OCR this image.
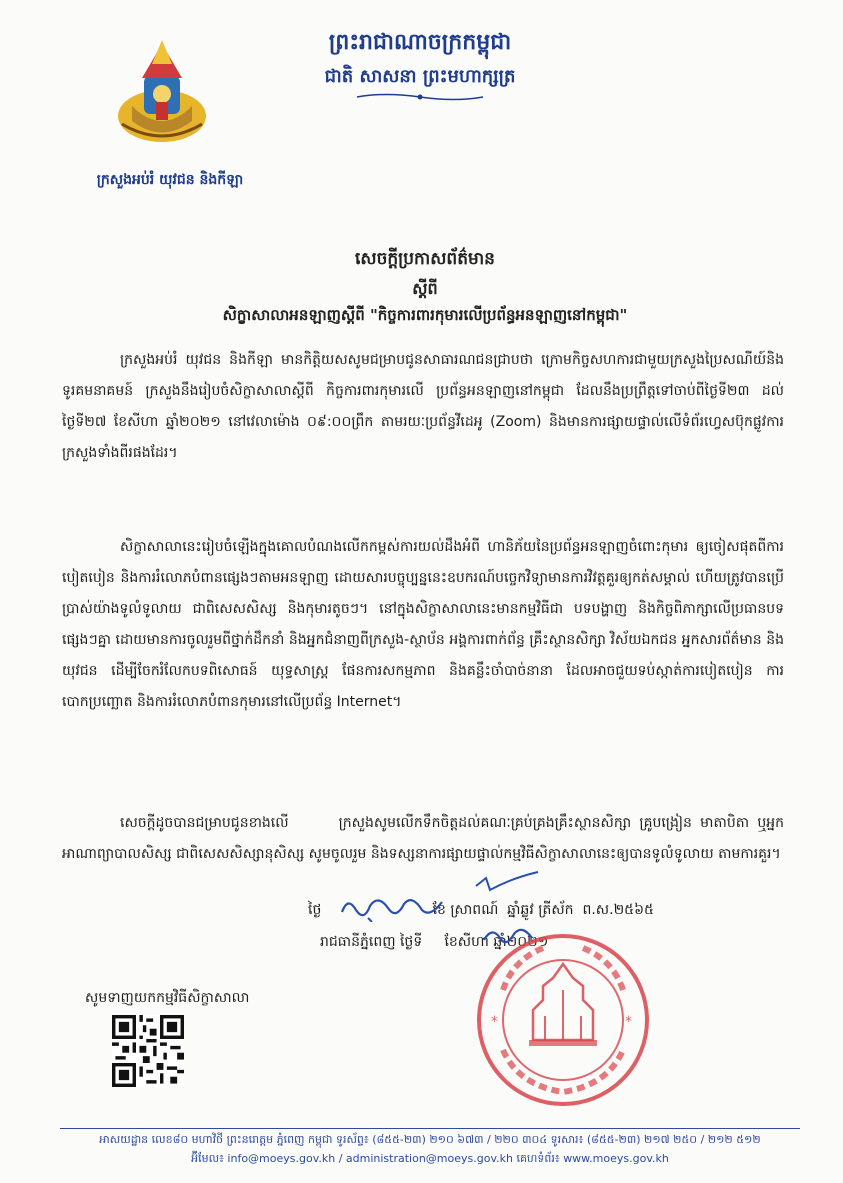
ព្រះរាជាណាចក្រកម្ពុជា
ជាតិ សាសនា ព្រះមហាក្សត្រ
ក្រសួងអប់រំ យុវជន និងកីឡា
សេចក្តីប្រកាសព័ត៌មាន
ស្តីពី
សិក្ខាសាលាអនឡាញស្តីពី "កិច្ចការពារកុមារលើប្រព័ន្ធអនឡាញនៅកម្ពុជា"

ក្រសួងអប់រំ យុវជន និងកីឡា មានកិត្តិយសសូមជម្រាបជូនសាធារណជនជ្រាបថា ក្រោមកិច្ចសហការជាមួយក្រសួងប្រៃសណីយ៍និងទូរគមនាគមន៍ ក្រសួងនឹងរៀបចំសិក្ខាសាលាស្តីពី កិច្ចការពារកុមារលើ ប្រព័ន្ធអនឡាញនៅកម្ពុជា ដែលនឹងប្រព្រឹត្តទៅចាប់ពីថ្ងៃទី២៣ ដល់ថ្ងៃទី២៧ ខែសីហា ឆ្នាំ២០២១ នៅវេលាម៉ោង ០៩:០០ព្រឹក តាមរយៈប្រព័ន្ធវីដេអូ (Zoom) និងមានការផ្សាយផ្ទាល់លើទំព័រហ្វេសប៊ុកផ្លូវការក្រសួងទាំងពីរផងដែរ។

សិក្ខាសាលានេះរៀបចំឡើងក្នុងគោលបំណងលើកកម្ពស់ការយល់ដឹងអំពី ហានិភ័យនៃប្រព័ន្ធអនឡាញចំពោះកុមារ ឲ្យចៀសផុតពីការបៀតបៀន និងការរំលោភបំពានផ្សេងៗតាមអនឡាញ ដោយសារបច្ចុប្បន្ននេះឧបករណ៍បច្ចេកវិទ្យាមានការវិវត្តគួរឲ្យកត់សម្គាល់ ហើយត្រូវបានប្រើប្រាស់យ៉ាងទូលំទូលាយ ជាពិសេសសិស្ស និងកុមារតូចៗ។ នៅក្នុងសិក្ខាសាលានេះមានកម្មវិធីជា បទបង្ហាញ និងកិច្ចពិភាក្សាលើប្រធានបទផ្សេងៗគ្នា ដោយមានការចូលរួមពីថ្នាក់ដឹកនាំ និងអ្នកជំនាញពីក្រសួង-ស្ថាប័ន អង្គការពាក់ព័ន្ធ គ្រឹះស្ថានសិក្សា វិស័យឯកជន អ្នកសារព័ត៌មាន និងយុវជន ដើម្បីចែករំលែកបទពិសោធន៍ យុទ្ធសាស្ត្រ ផែនការសកម្មភាព និងគន្លឹះចាំបាច់នានា ដែលអាចជួយទប់ស្កាត់ការបៀតបៀន ការបោកប្រញ្ឆោត និងការរំលោភបំពានកុមារនៅលើប្រព័ន្ធ Internet។

សេចក្តីដូចបានជម្រាបជូនខាងលើ	ក្រសួងសូមលើកទឹកចិត្តដល់គណៈគ្រប់គ្រងគ្រឹះស្ថានសិក្សា គ្រូបង្រៀន មាតាបិតា ឬអ្នកអាណាព្យាបាលសិស្ស ជាពិសេសសិស្សានុសិស្ស សូមចូលរួម និងទស្សនាការផ្សាយផ្ទាល់កម្មវិធីសិក្ខាសាលានេះឲ្យបានទូលំទូលាយ តាមការគួរ។

ថ្ងៃ                         ខែ ស្រាពណ៍  ឆ្នាំឆ្លូវ ត្រីស័ក  ព.ស.២៥៦៥
រាជធានីភ្នំពេញ ថ្ងៃទី     ខែសីហា ឆ្នាំ២០២១
*	*
សូមទាញយកកម្មវិធីសិក្ខាសាលា
អាសយដ្ឋាន លេខ៨០ មហាវិថី ព្រះនរោត្តម ភ្នំពេញ កម្ពុជា ទូរស័ព្ទ៖ (៨៥៥-២៣) ២១០ ៦៧៣ / ២២០ ៣០៤ ទូរសារ៖ (៨៥៥-២៣) ២១៧ ២៥០ / ២១២ ៥១២
អ៊ីមែល៖ info@moeys.gov.kh / administration@moeys.gov.kh គេហទំព័រ៖ www.moeys.gov.kh
